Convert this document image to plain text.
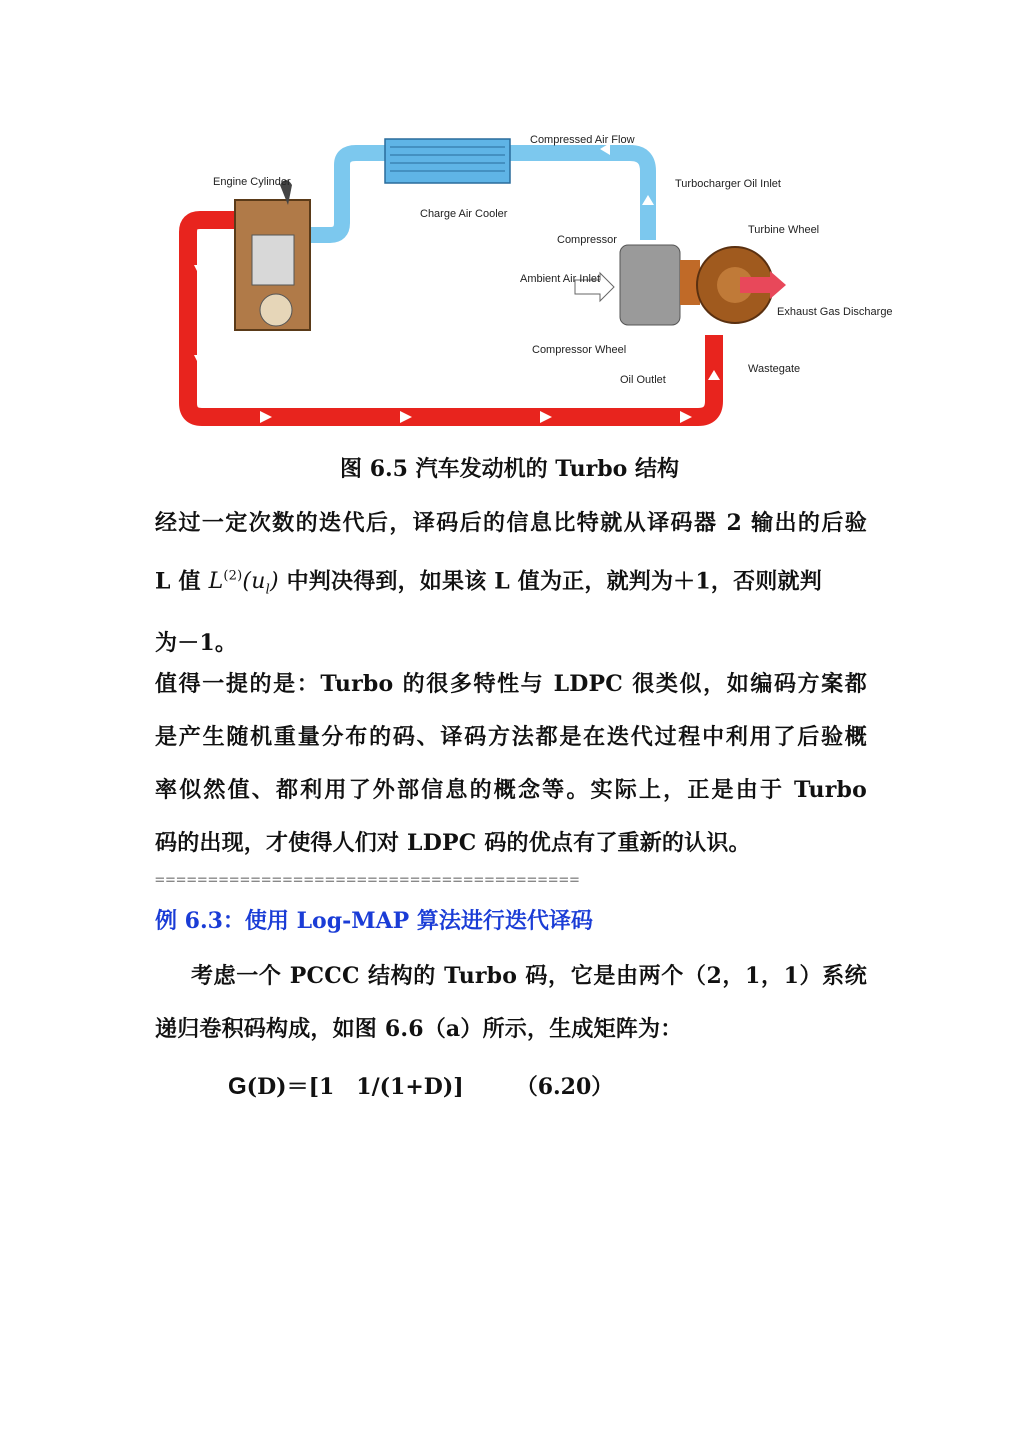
Engine Cylinder
Compressed Air Flow
Charge Air Cooler
Turbocharger Oil Inlet
Compressor
Turbine Wheel
Ambient Air Inlet
Exhaust Gas Discharge
Compressor Wheel
Oil Outlet
Wastegate
图 6.5 汽车发动机的 Turbo 结构
经过一定次数的迭代后，译码后的信息比特就从译码器 2 输出的后验
L 值 $L^{(2)}(u_l)$ 中判决得到，如果该 L 值为正，就判为＋1，否则就判
为－1。
值得一提的是：Turbo 的很多特性与 LDPC 很类似，如编码方案都
是产生随机重量分布的码、译码方法都是在迭代过程中利用了后验概
率似然值、都利用了外部信息的概念等。实际上，正是由于 Turbo
码的出现，才使得人们对 LDPC 码的优点有了重新的认识。
========================================
例 6.3：使用 Log-MAP 算法进行迭代译码
考虑一个 PCCC 结构的 Turbo 码，它是由两个（2，1，1）系统
递归卷积码构成，如图 6.6（a）所示，生成矩阵为：
G(D)＝[1　1/(1+D)] （6.20）
